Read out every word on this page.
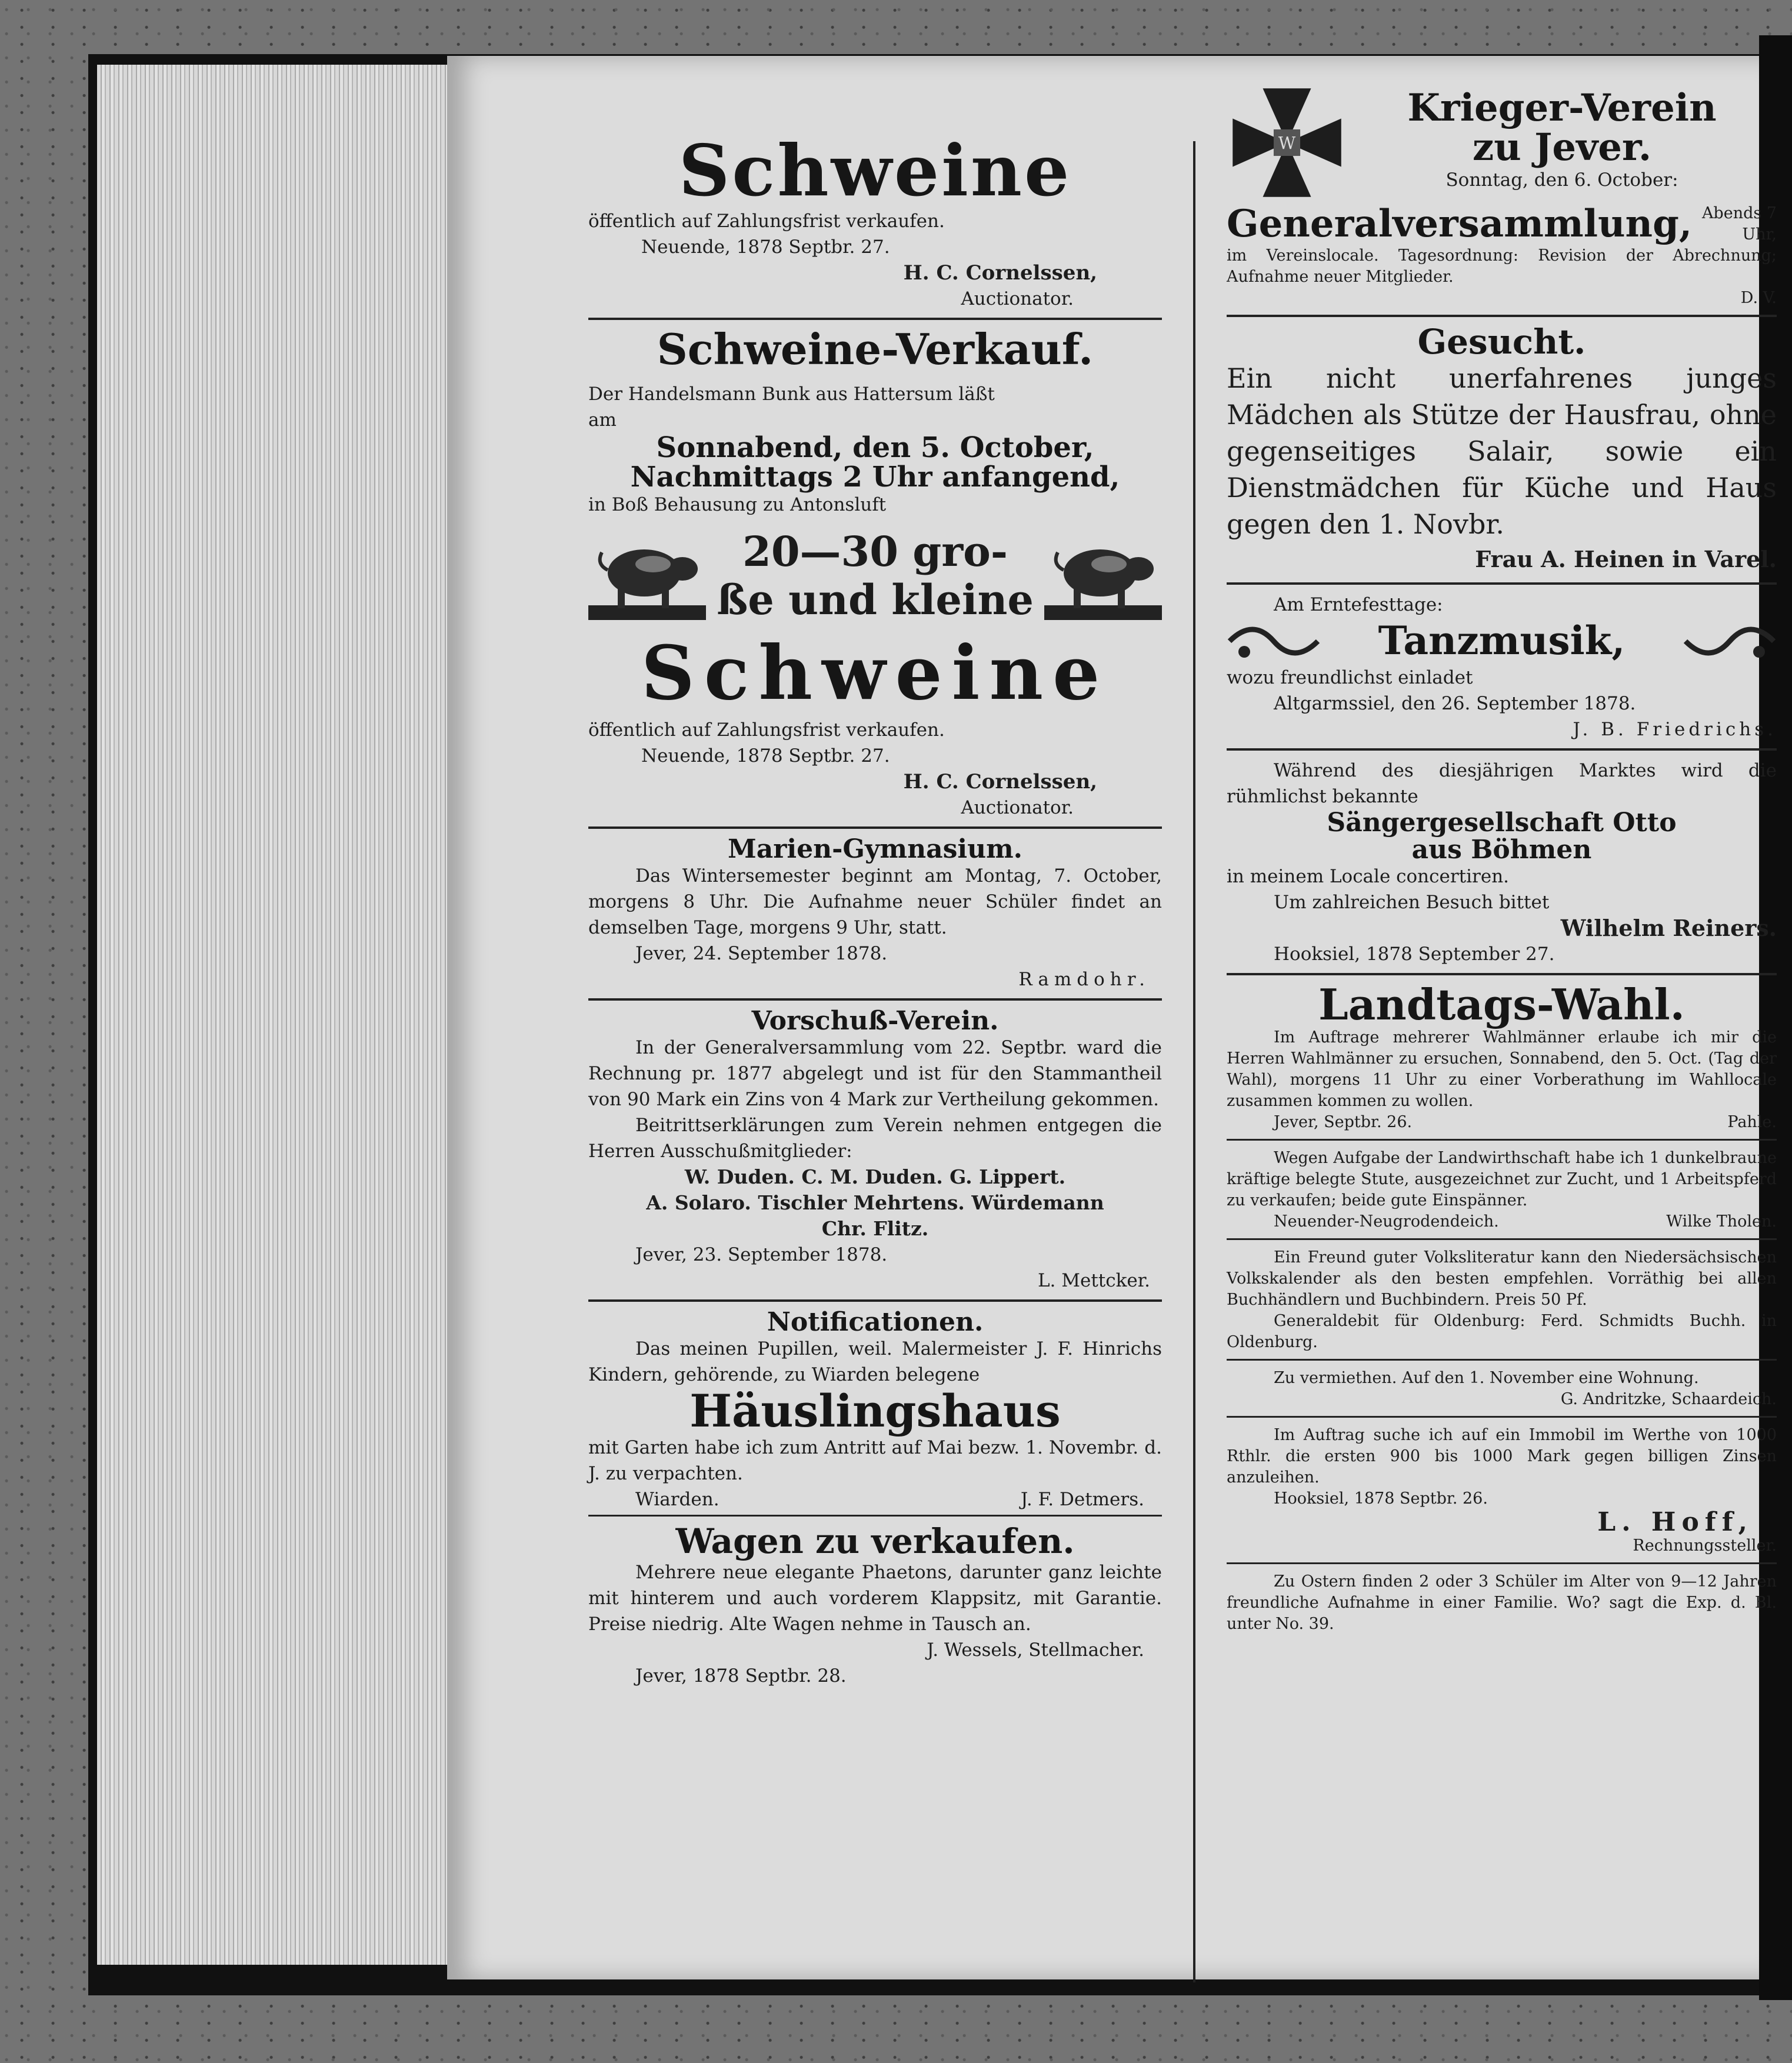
Schweine
öffentlich auf Zahlungsfrist verkaufen.
Neuende, 1878 Septbr. 27.
H. C. Cornelssen,
Auctionator.
Schweine-Verkauf.
Der Handelsmann Bunk aus Hattersum läßt
am
Sonnabend, den 5. October,
Nachmittags 2 Uhr anfangend,
in Boß Behausung zu Antonsluft
20—30 gro-
ße und kleine
Schweine
öffentlich auf Zahlungsfrist verkaufen.
Neuende, 1878 Septbr. 27.
H. C. Cornelssen,
Auctionator.
Marien-Gymnasium.
Das Wintersemester beginnt am Montag, 7. October, morgens 8 Uhr. Die Aufnahme neuer Schüler findet an demselben Tage, morgens 9 Uhr, statt.
Jever, 24. September 1878.
Ramdohr.
Vorschuß-Verein.
In der Generalversammlung vom 22. Septbr. ward die Rechnung pr. 1877 abgelegt und ist für den Stammantheil von 90 Mark ein Zins von 4 Mark zur Vertheilung gekommen.
Beitrittserklärungen zum Verein nehmen entgegen die Herren Ausschußmitglieder:
W. Duden. C. M. Duden. G. Lippert.
A. Solaro. Tischler Mehrtens. Würdemann
Chr. Flitz.
Jever, 23. September 1878.
L. Mettcker.
Notificationen.
Das meinen Pupillen, weil. Malermeister J. F. Hinrichs Kindern, gehörende, zu Wiarden belegene
Häuslingshaus
mit Garten habe ich zum Antritt auf Mai bezw. 1. Novembr. d. J. zu verpachten.
Wiarden.	J. F. Detmers.
Wagen zu verkaufen.
Mehrere neue elegante Phaetons, darunter ganz leichte mit hinterem und auch vorderem Klappsitz, mit Garantie. Preise niedrig. Alte Wagen nehme in Tausch an.
J. Wessels, Stellmacher.
Jever, 1878 Septbr. 28.
W
Krieger-Verein
zu Jever.
Sonntag, den 6. October:
Generalversammlung, Abends 7
Uhr,
im Vereinslocale. Tagesordnung: Revision der Abrechnung; Aufnahme neuer Mitglieder.
D. V.
Gesucht.
Ein nicht unerfahrenes junges Mädchen als Stütze der Hausfrau, ohne gegenseitiges Salair, sowie ein Dienstmädchen für Küche und Haus gegen den 1. Novbr.
Frau A. Heinen in Varel.
Am Erntefesttage:
Tanzmusik,
wozu freundlichst einladet
Altgarmssiel, den 26. September 1878.
J. B. Friedrichs.
Während des diesjährigen Marktes wird die rühmlichst bekannte
Sängergesellschaft Otto
aus Böhmen
in meinem Locale concertiren.
Um zahlreichen Besuch bittet
Wilhelm Reiners.
Hooksiel, 1878 September 27.
Landtags-Wahl.
Im Auftrage mehrerer Wahlmänner erlaube ich mir die Herren Wahlmänner zu ersuchen, Sonnabend, den 5. Oct. (Tag der Wahl), morgens 11 Uhr zu einer Vorberathung im Wahllocale zusammen kommen zu wollen.
Jever, Septbr. 26.	Pahle.
Wegen Aufgabe der Landwirthschaft habe ich 1 dunkelbraune kräftige belegte Stute, ausgezeichnet zur Zucht, und 1 Arbeitspferd zu verkaufen; beide gute Einspänner.
Neuender-Neugrodendeich.	Wilke Tholen.
Ein Freund guter Volksliteratur kann den Niedersächsischen Volkskalender als den besten empfehlen. Vorräthig bei allen Buchhändlern und Buchbindern. Preis 50 Pf.
Generaldebit für Oldenburg: Ferd. Schmidts Buchh. in Oldenburg.
Zu vermiethen. Auf den 1. November eine Wohnung.
G. Andritzke, Schaardeich.
Im Auftrag suche ich auf ein Immobil im Werthe von 1000 Rthlr. die ersten 900 bis 1000 Mark gegen billigen Zinsen anzuleihen.
Hooksiel, 1878 Septbr. 26.
L. Hoff,
Rechnungssteller.
Zu Ostern finden 2 oder 3 Schüler im Alter von 9—12 Jahren freundliche Aufnahme in einer Familie. Wo? sagt die Exp. d. Bl. unter No. 39.
